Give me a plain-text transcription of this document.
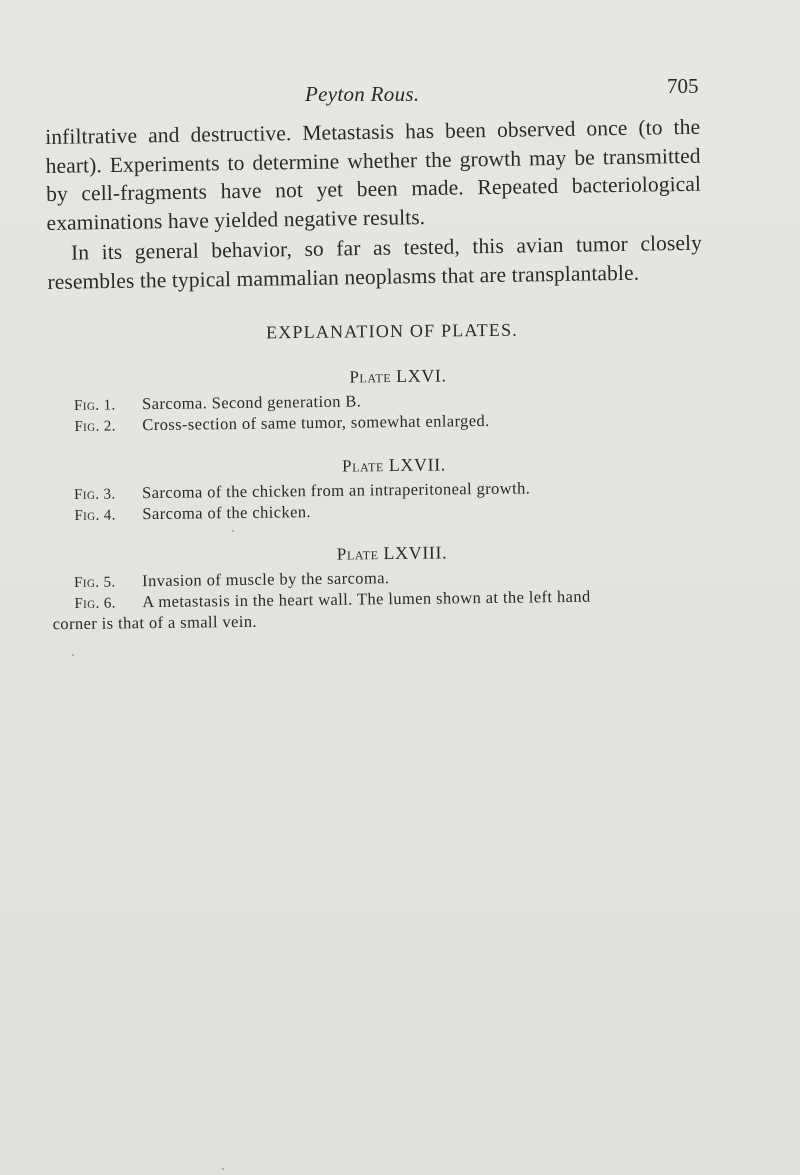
Peyton Rous.	705

infiltrative and destructive. Metastasis has been observed once (to the heart). Experiments to determine whether the growth may be transmitted by cell-fragments have not yet been made. Repeated bacteriological examinations have yielded negative results.

In its general behavior, so far as tested, this avian tumor closely resembles the typical mammalian neoplasms that are transplantable.

EXPLANATION OF PLATES.
Plate LXVI.
Fig. 1. Sarcoma. Second generation B.
Fig. 2. Cross-section of same tumor, somewhat enlarged.
Plate LXVII.
Fig. 3. Sarcoma of the chicken from an intraperitoneal growth.
Fig. 4. Sarcoma of the chicken.
Plate LXVIII.
Fig. 5. Invasion of muscle by the sarcoma.
Fig. 6. A metastasis in the heart wall. The lumen shown at the left hand
corner is that of a small vein.
